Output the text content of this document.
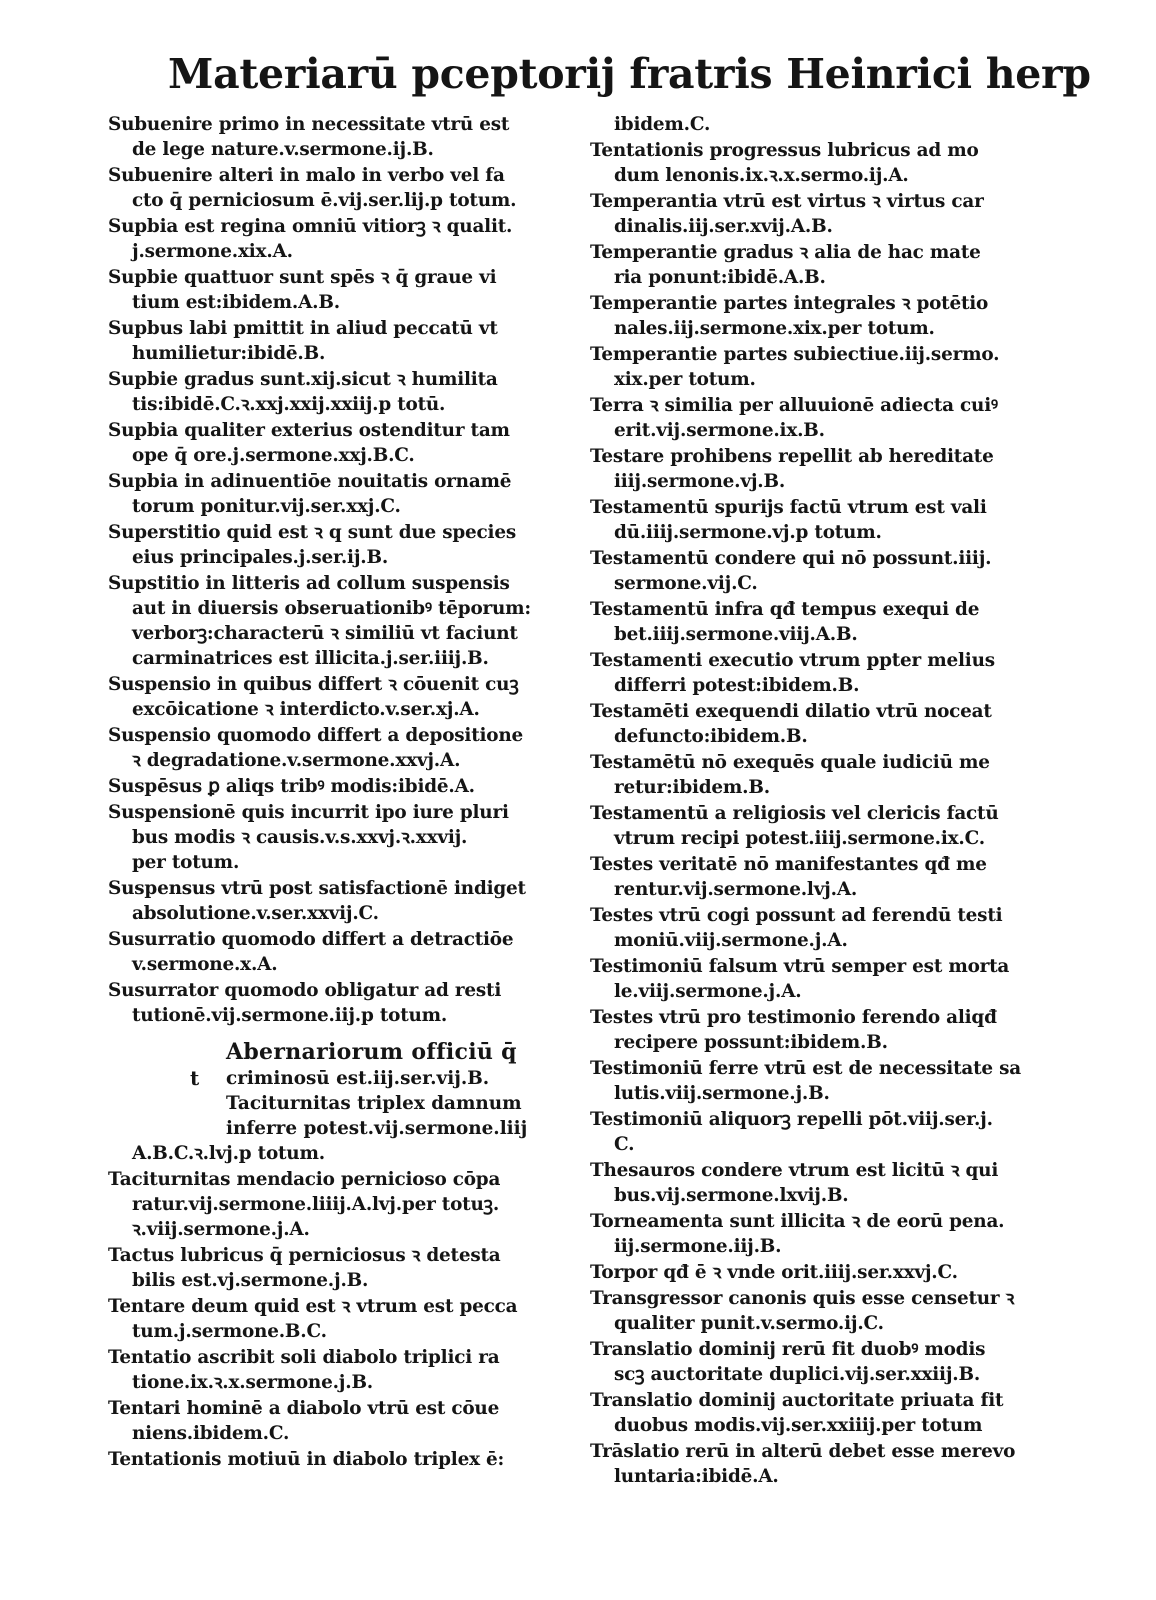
Materiarū pceptorij fratris Heinrici herp
Subuenire primo in necessitate vtrū est
de lege nature.v.sermone.ij.B.
Subuenire alteri in malo in verbo vel fa
cto q̄ perniciosum ē.vij.ser.lij.p totum.
Supbia est regina omniū vitiorꝫ ꝛ qualit.
j.sermone.xix.A.
Supbie quattuor sunt spēs ꝛ q̄ graue vi
tium est:ibidem.A.B.
Supbus labi pmittit in aliud peccatū vt
humilietur:ibidē.B.
Supbie gradus sunt.xij.sicut ꝛ humilita
tis:ibidē.C.ꝛ.xxj.xxij.xxiij.p totū.
Supbia qualiter exterius ostenditur tam
ope q̄ ore.j.sermone.xxj.B.C.
Supbia in adinuentiōe nouitatis ornamē
torum ponitur.vij.ser.xxj.C.
Superstitio quid est ꝛ q sunt due species
eius principales.j.ser.ij.B.
Supstitio in litteris ad collum suspensis
aut in diuersis obseruationibꝰ tēporum:
verborꝫ:characterū ꝛ similiū vt faciunt
carminatrices est illicita.j.ser.iiij.B.
Suspensio in quibus differt ꝛ cōuenit cuꝫ
excōicatione ꝛ interdicto.v.ser.xj.A.
Suspensio quomodo differt a depositione
ꝛ degradatione.v.sermone.xxvj.A.
Suspēsus ꝑ aliqs tribꝰ modis:ibidē.A.
Suspensionē quis incurrit ipo iure pluri
bus modis ꝛ causis.v.s.xxvj.ꝛ.xxvij.
per totum.
Suspensus vtrū post satisfactionē indiget
absolutione.v.ser.xxvij.C.
Susurratio quomodo differt a detractiōe
v.sermone.x.A.
Susurrator quomodo obligatur ad resti
tutionē.vij.sermone.iij.p totum.
t
Abernariorum officiū q̄
criminosū est.iij.ser.vij.B.
Taciturnitas triplex damnum
inferre potest.vij.sermone.liij
A.B.C.ꝛ.lvj.p totum.
Taciturnitas mendacio pernicioso cōpa
ratur.vij.sermone.liiij.A.lvj.per totuꝫ.
ꝛ.viij.sermone.j.A.
Tactus lubricus q̄ perniciosus ꝛ detesta
bilis est.vj.sermone.j.B.
Tentare deum quid est ꝛ vtrum est pecca
tum.j.sermone.B.C.
Tentatio ascribit soli diabolo triplici ra
tione.ix.ꝛ.x.sermone.j.B.
Tentari hominē a diabolo vtrū est cōue
niens.ibidem.C.
Tentationis motiuū in diabolo triplex ē:
ibidem.C.
Tentationis progressus lubricus ad mo
dum lenonis.ix.ꝛ.x.sermo.ij.A.
Temperantia vtrū est virtus ꝛ virtus car
dinalis.iij.ser.xvij.A.B.
Temperantie gradus ꝛ alia de hac mate
ria ponunt:ibidē.A.B.
Temperantie partes integrales ꝛ potētio
nales.iij.sermone.xix.per totum.
Temperantie partes subiectiue.iij.sermo.
xix.per totum.
Terra ꝛ similia per alluuionē adiecta cuiꝰ
erit.vij.sermone.ix.B.
Testare prohibens repellit ab hereditate
iiij.sermone.vj.B.
Testamentū spurijs factū vtrum est vali
dū.iiij.sermone.vj.p totum.
Testamentū condere qui nō possunt.iiij.
sermone.vij.C.
Testamentū infra qđ tempus exequi de
bet.iiij.sermone.viij.A.B.
Testamenti executio vtrum ppter melius
differri potest:ibidem.B.
Testamēti exequendi dilatio vtrū noceat
defuncto:ibidem.B.
Testamētū nō exequēs quale iudiciū me
retur:ibidem.B.
Testamentū a religiosis vel clericis factū
vtrum recipi potest.iiij.sermone.ix.C.
Testes veritatē nō manifestantes qđ me
rentur.vij.sermone.lvj.A.
Testes vtrū cogi possunt ad ferendū testi
moniū.viij.sermone.j.A.
Testimoniū falsum vtrū semper est morta
le.viij.sermone.j.A.
Testes vtrū pro testimonio ferendo aliqđ
recipere possunt:ibidem.B.
Testimoniū ferre vtrū est de necessitate sa
lutis.viij.sermone.j.B.
Testimoniū aliquorꝫ repelli pōt.viij.ser.j.
C.
Thesauros condere vtrum est licitū ꝛ qui
bus.vij.sermone.lxvij.B.
Torneamenta sunt illicita ꝛ de eorū pena.
iij.sermone.iij.B.
Torpor qđ ē ꝛ vnde orit.iiij.ser.xxvj.C.
Transgressor canonis quis esse censetur ꝛ
qualiter punit.v.sermo.ij.C.
Translatio dominij rerū fit duobꝰ modis
scꝫ auctoritate duplici.vij.ser.xxiij.B.
Translatio dominij auctoritate priuata fit
duobus modis.vij.ser.xxiiij.per totum
Trāslatio rerū in alterū debet esse merevo
luntaria:ibidē.A.
